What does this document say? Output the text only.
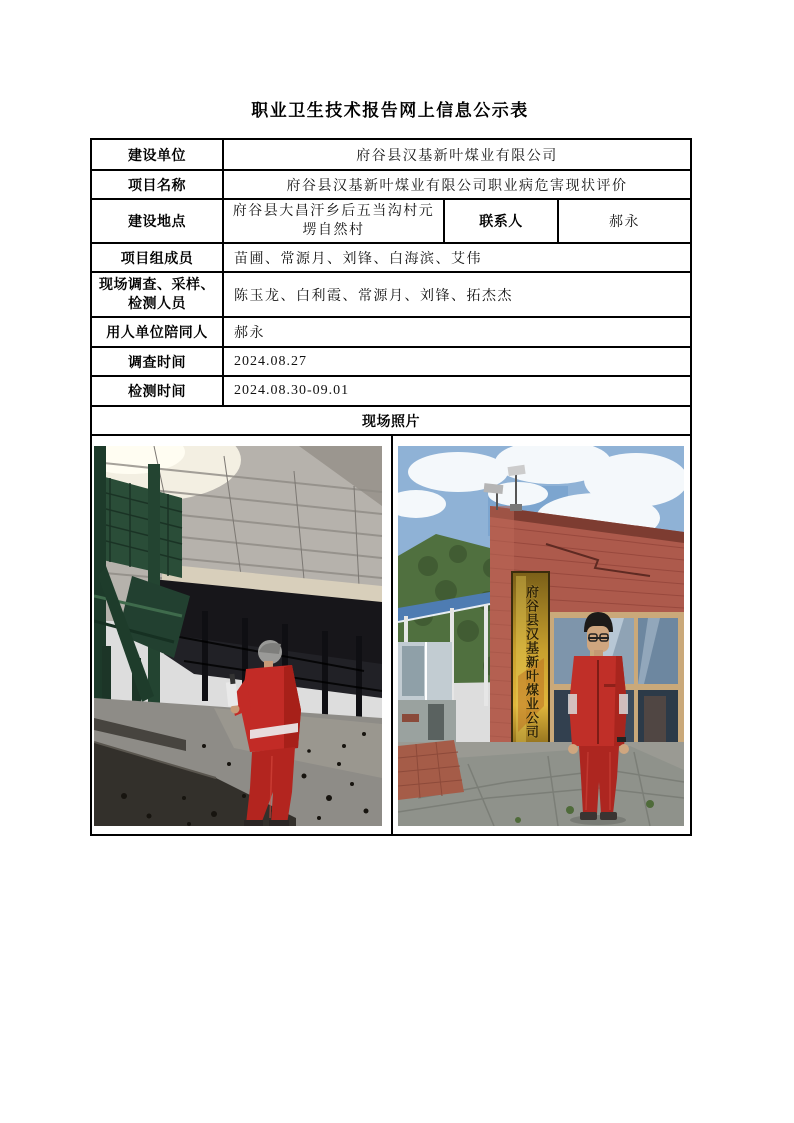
职业卫生技术报告网上信息公示表
建设单位	府谷县汉基新叶煤业有限公司		
项目名称	府谷县汉基新叶煤业有限公司职业病危害现状评价		
建设地点	府谷县大昌汗乡后五当沟村元塄自然村	联系人	郝永
项目组成员	苗圃、常源月、刘锋、白海滨、艾伟		

现场调查、采样、
检测人员	陈玉龙、白利霞、常源月、刘锋、拓杰杰		
用人单位陪同人	郝永		
调查时间	2024.08.27		
检测时间	2024.08.30-09.01		
现场照片			

府谷县汉基新叶煤业公司			
